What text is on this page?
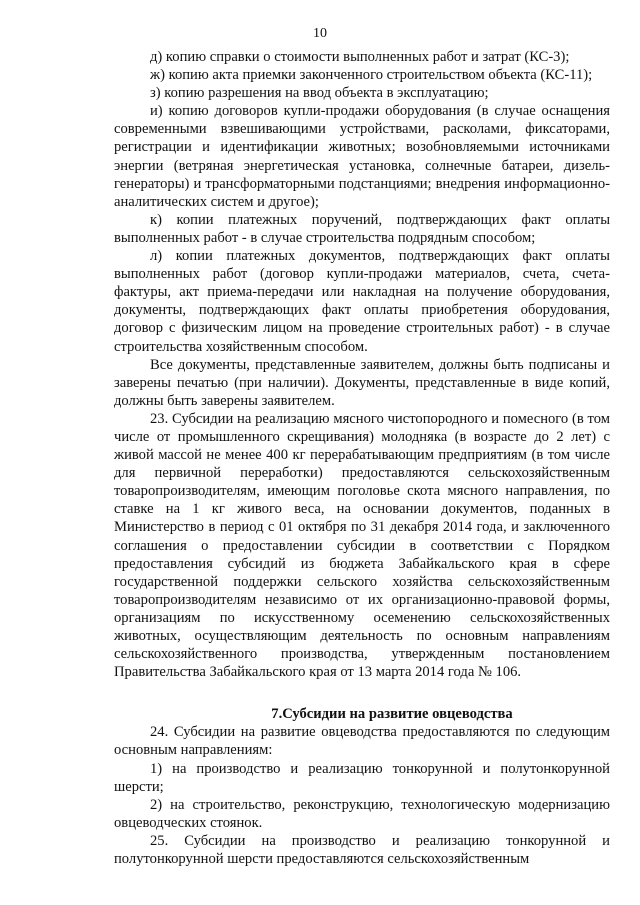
10

д) копию справки о стоимости выполненных работ и затрат (КС-3);

ж) копию акта приемки законченного строительством объекта (КС-11);

з) копию разрешения на ввод объекта в эксплуатацию;

и) копию договоров купли-продажи оборудования (в случае оснащения современными взвешивающими устройствами, расколами, фиксаторами, регистрации и идентификации животных; возобновляемыми источниками энергии (ветряная энергетическая установка, солнечные батареи, дизель-генераторы) и трансформаторными подстанциями; внедрения информационно-аналитических систем и другое);

к) копии платежных поручений, подтверждающих факт оплаты выполненных работ - в случае строительства подрядным способом;

л) копии платежных документов, подтверждающих факт оплаты выполненных работ (договор купли-продажи материалов, счета, счета-фактуры, акт приема-передачи или накладная на получение оборудования, документы, подтверждающих факт оплаты приобретения оборудования, договор с физическим лицом на проведение строительных работ) - в случае строительства хозяйственным способом.

Все документы, представленные заявителем, должны быть подписаны и заверены печатью (при наличии). Документы, представленные в виде копий, должны быть заверены заявителем.

23. Субсидии на реализацию мясного чистопородного и помесного (в том числе от промышленного скрещивания) молодняка (в возрасте до 2 лет) с живой массой не менее 400 кг перерабатывающим предприятиям (в том числе для первичной переработки) предоставляются сельскохозяйственным товаропроизводителям, имеющим поголовье скота мясного направления, по ставке на 1 кг живого веса, на основании документов, поданных в Министерство в период с 01 октября по 31 декабря 2014 года, и заключенного соглашения о предоставлении субсидии в соответствии с Порядком предоставления субсидий из бюджета Забайкальского края в сфере государственной поддержки сельского хозяйства сельскохозяйственным товаропроизводителям независимо от их организационно-правовой формы, организациям по искусственному осеменению сельскохозяйственных животных, осуществляющим деятельность по основным направлениям сельскохозяйственного производства, утвержденным постановлением Правительства Забайкальского края от 13 марта 2014 года № 106.

7.Субсидии на развитие овцеводства

24. Субсидии на развитие овцеводства предоставляются по следующим основным направлениям:

1) на производство и реализацию тонкорунной и полутонкорунной шерсти;

2) на строительство, реконструкцию, технологическую модернизацию овцеводческих стоянок.

25. Субсидии на производство и реализацию тонкорунной и полутонкорунной шерсти предоставляются сельскохозяйственным
